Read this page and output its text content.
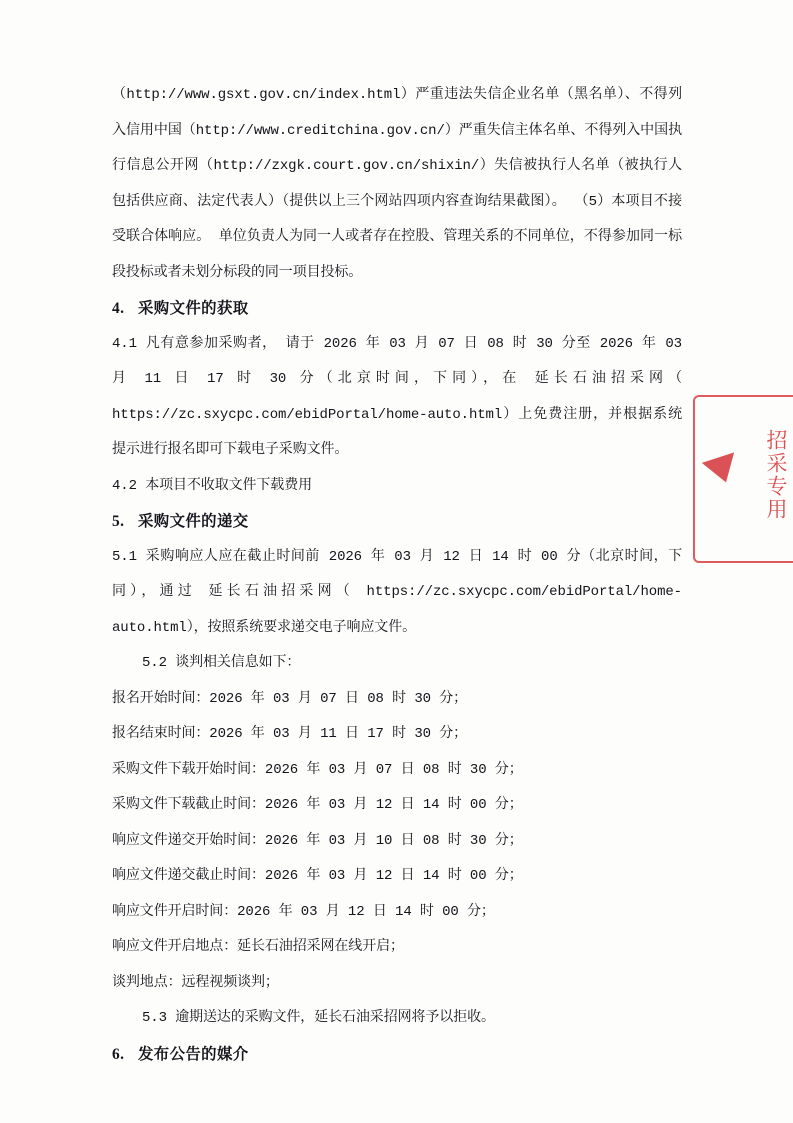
（http://www.gsxt.gov.cn/index.html）严重违法失信企业名单（黑名单）、不得列入信用中国（http://www.creditchina.gov.cn/）严重失信主体名单、不得列入中国执行信息公开网（http://zxgk.court.gov.cn/shixin/）失信被执行人名单（被执行人包括供应商、法定代表人）（提供以上三个网站四项内容查询结果截图）。 （5）本项目不接受联合体响应。 单位负责人为同一人或者存在控股、管理关系的不同单位，不得参加同一标段投标或者未划分标段的同一项目投标。

4. 采购文件的获取

4.1 凡有意参加采购者， 请于 2026 年 03 月 07 日 08 时 30 分至 2026 年 03 月 11 日 17 时 30 分（北京时间，下同），在 延长石油招采网（ https://zc.sxycpc.com/ebidPortal/home-auto.html）上免费注册，并根据系统提示进行报名即可下载电子采购文件。

4.2 本项目不收取文件下载费用

5. 采购文件的递交

5.1 采购响应人应在截止时间前 2026 年 03 月 12 日 14 时 00 分（北京时间，下同），通过 延长石油招采网（ https://zc.sxycpc.com/ebidPortal/home-auto.html），按照系统要求递交电子响应文件。

5.2 谈判相关信息如下：

报名开始时间：2026 年 03 月 07 日 08 时 30 分；

报名结束时间：2026 年 03 月 11 日 17 时 30 分；

采购文件下载开始时间：2026 年 03 月 07 日 08 时 30 分；

采购文件下载截止时间：2026 年 03 月 12 日 14 时 00 分；

响应文件递交开始时间：2026 年 03 月 10 日 08 时 30 分；

响应文件递交截止时间：2026 年 03 月 12 日 14 时 00 分；

响应文件开启时间：2026 年 03 月 12 日 14 时 00 分；

响应文件开启地点：延长石油招采网在线开启；

谈判地点：远程视频谈判；

5.3 逾期送达的采购文件，延长石油采招网将予以拒收。

6. 发布公告的媒介

招采专用
